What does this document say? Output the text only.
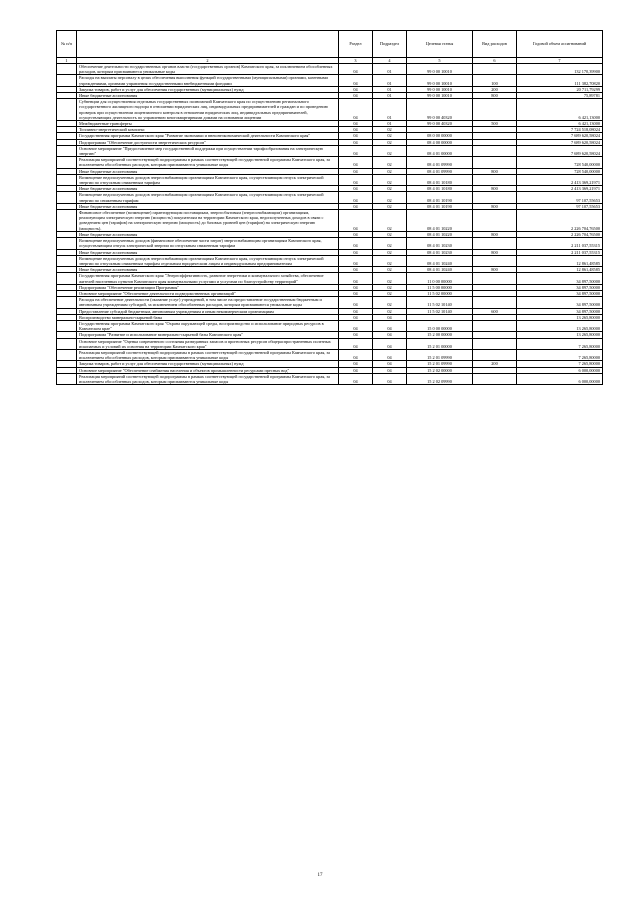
№ п/п		Раздел	Подраздел	Целевая статья	Вид расходов	Годовой объем ассигнований
1	2	3	4	5	6	7
	Обеспечение деятельности государственных органов власти (государственных органов) Камчатского края, за исключением обособленных расходов, которым присваиваются уникальные коды	04	01	99 0 00 10010		132 170,39900
	Расходы на выплаты персоналу в целях обеспечения выполнения функций государственными (муниципальными) органами, казенными учреждениями, органами управления государственными внебюджетными фондами	04	01	99 0 00 10010	100	111 382,70820
	Закупка товаров, работ и услуг для обеспечения государственных (муниципальных) нужд	04	01	99 0 00 10010	200	20 711,79299
	Иные бюджетные ассигнования	04	01	99 0 00 10010	800	75,89781
	Субвенции для осуществления отдельных государственных полномочий Камчатского края по осуществлению регионального государственного жилищного надзора в отношении юридических лиц, индивидуальных предпринимателей и граждан и по проведению проверок при осуществлении лицензионного контроля в отношении юридических лиц, индивидуальных предпринимателей, осуществляющих деятельность по управлению многоквартирными домами на основании лицензии	04	01	99 0 00 40320		6 421,13000
	Межбюджетные трансферты	04	01	99 0 00 40320	500	6 421,13000
	Топливно-энергетический комплекс	04	02			7 724 518,08024
	Государственная программа Камчатского края "Развитие экономики и внешнеэкономической деятельности Камчатского края"	04	02	08 0 00 00000		7 689 620,58024
	Подпрограмма "Обеспечение доступности энергетических ресурсов"	04	02	08 4 00 00000		7 689 620,58024
	Основное мероприятие "Предоставление мер государственной поддержки при осуществлении тарифообразования на электрическую энергию"	04	02	08 4 01 00000		7 689 620,58024
	Реализация мероприятий соответствующей подпрограммы в рамках соответствующей государственной программы Камчатского края, за исключением обособленных расходов, которым присваиваются уникальные коды	04	02	08 4 01 09990		728 540,00000
	Иные бюджетные ассигнования	04	02	08 4 01 09990	800	728 540,00000
	Возмещение недополученных доходов энергоснабжающим организациям Камчатского края, осуществляющим отпуск электрической энергии по отпускным сниженным тарифам	04	02	08 4 01 10180		2 413 369,21971
	Иные бюджетные ассигнования	04	02	08 4 01 10180	800	2 413 369,21971
	Возмещение недополученных доходов энергоснабжающим организациям Камчатского края, осуществляющим отпуск электрической энергии по сниженным тарифам	04	02	08 4 01 10190		97 107,55653
	Иные бюджетные ассигнования	04	02	08 4 01 10190	800	97 107,55653
	Финансовое обеспечение (возмещение) гарантирующим поставщикам, энергосбытовым (энергоснабжающим) организациям, реализующим электрическую энергию (мощность) покупателям на территории Камчатского края, недополученных доходов в связи с доведением цен (тарифов) на электрическую энергию (мощность) до базовых уровней цен (тарифов) на электрическую энергию (мощность).	04	02	08 4 01 10220		2 226 704,76500
	Иные бюджетные ассигнования	04	02	08 4 01 10220	800	2 226 704,76500
	Возмещение недополученных доходов (финансовое обеспечение части затрат) энергоснабжающим организациям Камчатского края, осуществляющим отпуск электрической энергии по отпускным сниженным тарифам	04	02	08 4 01 10230		2 211 037,55315
	Иные бюджетные ассигнования	04	02	08 4 01 10230	800	2 211 037,55315
	Возмещение недополученных доходов энергоснабжающим организациям Камчатского края, осуществляющим отпуск электрической энергии по отпускным сниженным тарифам отдельным юридическим лицам и индивидуальным предпринимателям	04	02	08 4 01 10240		12 861,48585
	Иные бюджетные ассигнования	04	02	08 4 01 10240	800	12 861,48585
	Государственная программа Камчатского края "Энергоэффективность, развитие энергетики и коммунального хозяйства, обеспечение жителей населенных пунктов Камчатского края коммунальными услугами и услугами по благоустройству территорий"	04	02	11 0 00 00000		34 897,50000
	Подпрограмма "Обеспечение реализации Программы"	04	02	11 5 00 00000		34 897,50000
	Основное мероприятие "Обеспечение деятельности подведомственных организаций"	04	02	11 5 02 00000		34 897,50000
	Расходы на обеспечение деятельности (оказание услуг) учреждений, в том числе на предоставление государственным бюджетным и автономным учреждениям субсидий, за исключением обособленных расходов, которым присваиваются уникальные коды	04	02	11 5 02 10140		34 897,50000
	Предоставление субсидий бюджетным, автономным учреждениям и иным некоммерческим организациям	04	02	11 5 02 10140	600	34 897,50000
	Воспроизводство минерально-сырьевой базы	04	04			13 265,80000
	Государственная программа Камчатского края "Охрана окружающей среды, воспроизводство и использование природных ресурсов в Камчатском крае"	04	04	15 0 00 00000		13 265,80000
	Подпрограмма "Развитие и использование минерально-сырьевой базы Камчатского края"	04	04	15 2 00 00000		13 265,80000
	Основное мероприятие "Оценка современного состояния разведанных запасов и прогнозных ресурсов общераспространенных полезных ископаемых и условий их освоения на территории Камчатского края"	04	04	15 2 01 00000		7 265,80000
	Реализация мероприятий соответствующей подпрограммы в рамках соответствующей государственной программы Камчатского края, за исключением обособленных расходов, которым присваиваются уникальные коды	04	04	15 2 01 09990		7 265,80000
	Закупка товаров, работ и услуг для обеспечения государственных (муниципальных) нужд	04	04	15 2 01 09990	200	7 265,80000
	Основное мероприятие "Обеспечение снабжения населения и объектов промышленности ресурсами пресных вод"	04	04	15 2 02 00000		6 000,00000
	Реализация мероприятий соответствующей подпрограммы в рамках соответствующей государственной программы Камчатского края, за исключением обособленных расходов, которым присваиваются уникальные коды	04	04	15 2 02 09990		6 000,00000
17
